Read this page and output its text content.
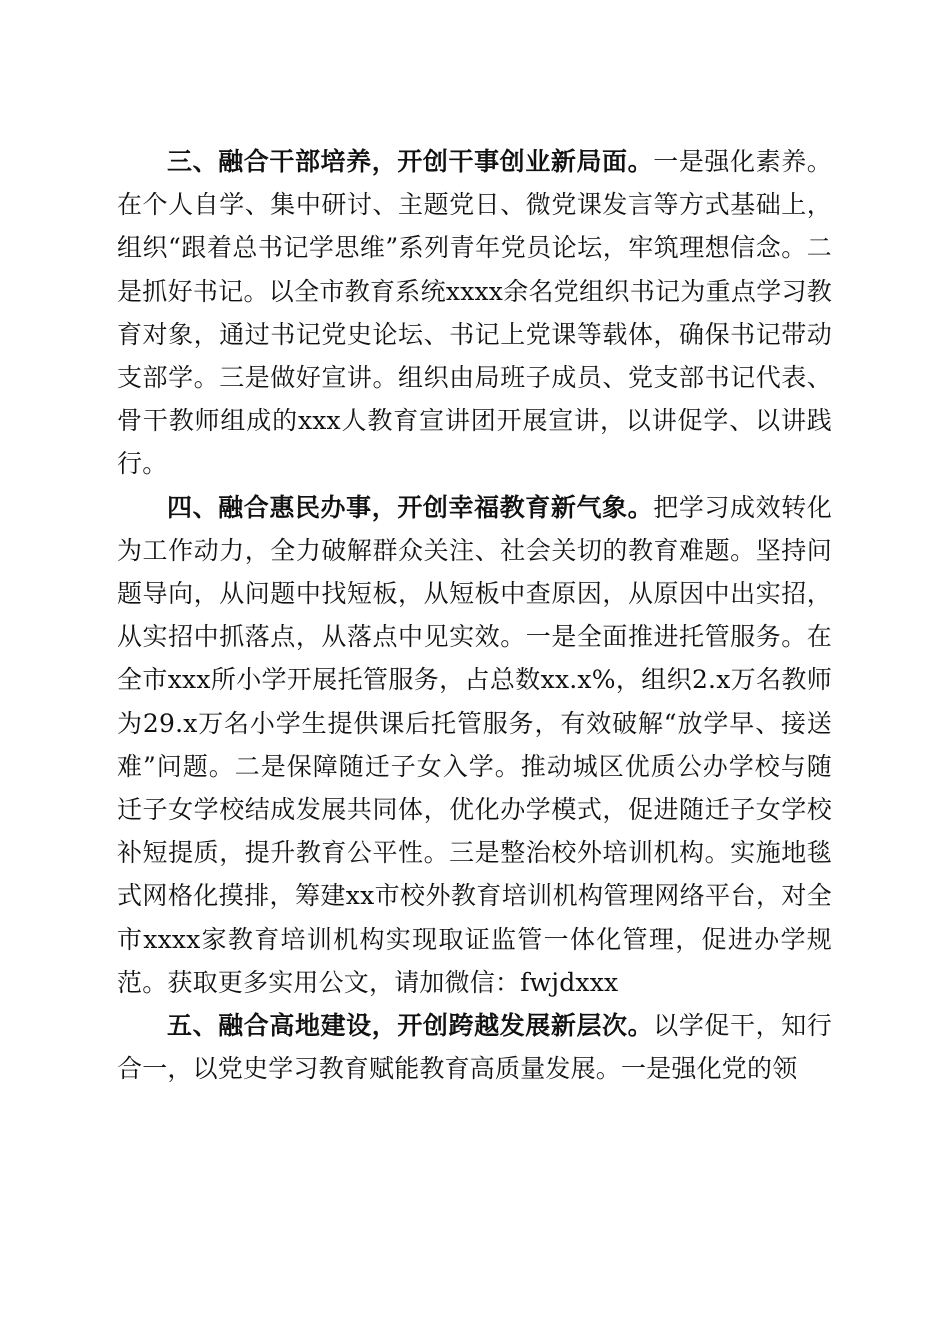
三、融合干部培养，开创干事创业新局面。一是强化素养。在个人自学、集中研讨、主题党日、微党课发言等方式基础上，组织“跟着总书记学思维”系列青年党员论坛，牢筑理想信念。二是抓好书记。以全市教育系统xxxx余名党组织书记为重点学习教育对象，通过书记党史论坛、书记上党课等载体，确保书记带动支部学。三是做好宣讲。组织由局班子成员、党支部书记代表、骨干教师组成的xxx人教育宣讲团开展宣讲，以讲促学、以讲践行。

四、融合惠民办事，开创幸福教育新气象。把学习成效转化为工作动力，全力破解群众关注、社会关切的教育难题。坚持问题导向，从问题中找短板，从短板中查原因，从原因中出实招，从实招中抓落点，从落点中见实效。一是全面推进托管服务。在全市xxx所小学开展托管服务，占总数xx.x%，组织2.x万名教师为29.x万名小学生提供课后托管服务，有效破解“放学早、接送难”问题。二是保障随迁子女入学。推动城区优质公办学校与随迁子女学校结成发展共同体，优化办学模式，促进随迁子女学校补短提质，提升教育公平性。三是整治校外培训机构。实施地毯式网格化摸排，筹建xx市校外教育培训机构管理网络平台，对全市xxxx家教育培训机构实现取证监管一体化管理，促进办学规范。获取更多实用公文，请加微信：fwjdxxx

五、融合高地建设，开创跨越发展新层次。以学促干，知行合一，以党史学习教育赋能教育高质量发展。一是强化党的领
